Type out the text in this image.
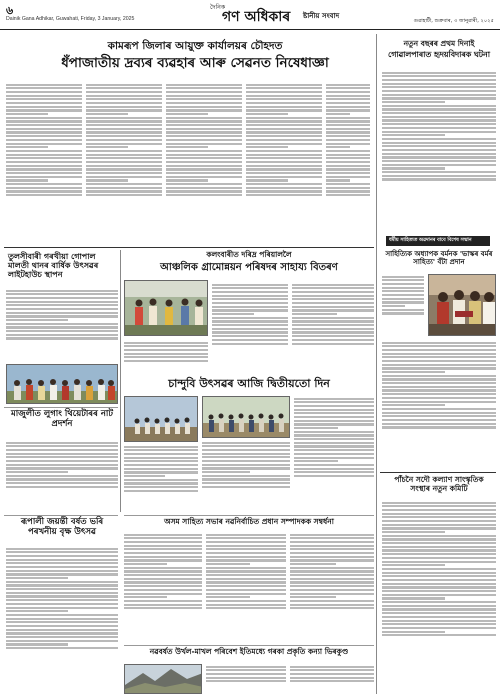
৬
Dainik Gana Adhikar, Guwahati, Friday, 3 January, 2025
দৈনিক
গণ অধিকাৰ ষ্টানীয় সংবাদ
গুৱাহাটী, শুক্ৰবাৰ, ৩ জানুৱাৰী, ২০২৫
কামৰূপ জিলাৰ আয়ুক্ত কাৰ্যালয়ৰ চৌহদত
ধঁপাজাতীয় দ্ৰব্যৰ ব্যৱহাৰ আৰু সেৱনত নিষেধাজ্ঞা
নতুন বছৰৰ প্ৰথম দিনাই
গোৱালপাৰাত হৃদয়বিদাৰক ঘটনা
ধৰ্মীয় সাহিত্যত অৱদানৰ বাবে বিশেষ সন্মান
সাহিত্যিক অধ্যাপক বৰ্মনক 'ভাস্কৰ বৰ্মৰ সাহিত্য' বঁটা প্ৰদান
পাঁচনৈ সদৌ কল্যাণ সাংস্কৃতিক সংস্থাৰ নতুন কমিটি
তুলসীবাৰী গৰখীয়া গোপাল মালতী থানৰ বাৰ্ষিক উৎসৱৰ লাইটহাউচ স্থাপন
মাজুলীত লুগাং থিয়েটাৰৰ নাট প্ৰদৰ্শন
কলংবাৰীত দৰিদ্ৰ পৰিয়াললৈ
আঞ্চলিক গ্ৰামোন্নয়ন পৰিষদৰ সাহায্য বিতৰণ
চান্দুবি উৎসৱৰ আজি দ্বিতীয়তো দিন
অসম সাহিত্য সভাৰ নৱনিৰ্বাচিত প্ৰধান সম্পাদকক সম্বৰ্ধনা
ৰূপালী জয়ন্তী বৰ্ষত ভৰি পৰখনীয় বৃক্ষ উৎসৱ
নৱবৰ্ষত উৰ্খল-মাখল পৰিবেশ ইতিমধ্যে গৰকা প্ৰকৃতি কন্যা ভিৰকুণ্ড
